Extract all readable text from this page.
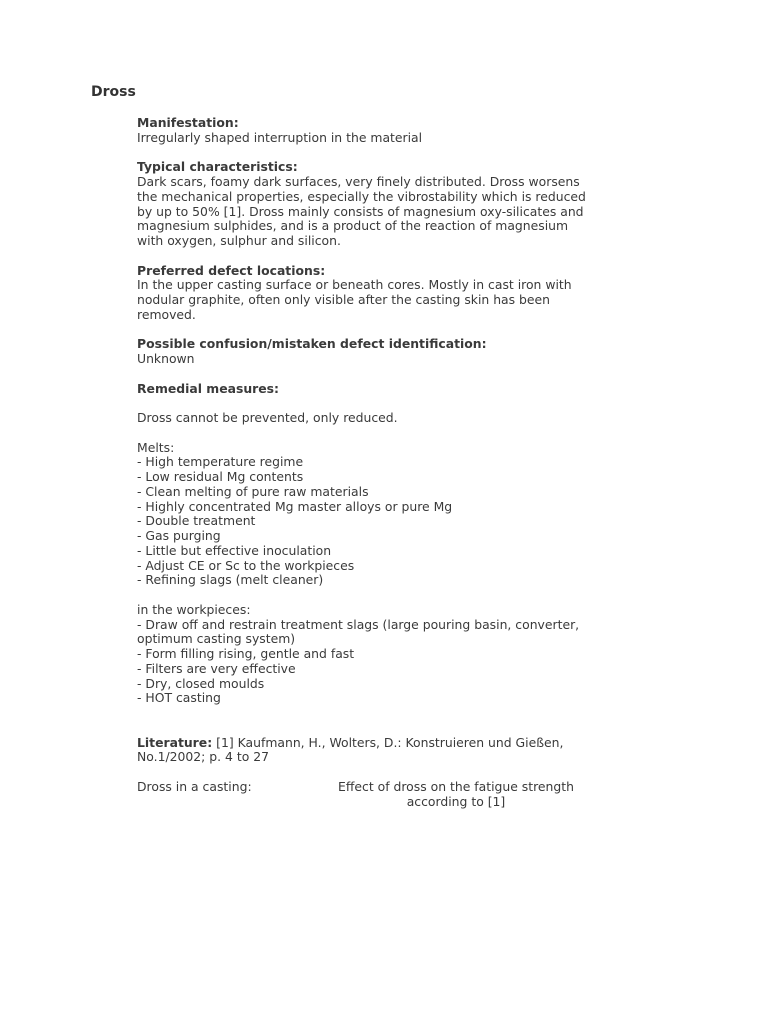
Dross

Manifestation:

Irregularly shaped interruption in the material

Typical characteristics:

Dark scars, foamy dark surfaces, very finely distributed. Dross worsens the mechanical properties, especially the vibrostability which is reduced by up to 50% [1]. Dross mainly consists of magnesium oxy-silicates and magnesium sulphides, and is a product of the reaction of magnesium with oxygen, sulphur and silicon.

Preferred defect locations:

In the upper casting surface or beneath cores. Mostly in cast iron with nodular graphite, often only visible after the casting skin has been removed.

Possible confusion/mistaken defect identification:

Unknown

Remedial measures:

Dross cannot be prevented, only reduced.

Melts:

- High temperature regime
- Low residual Mg contents
- Clean melting of pure raw materials
- Highly concentrated Mg master alloys or pure Mg
- Double treatment
- Gas purging
- Little but effective inoculation
- Adjust CE or Sc to the workpieces
- Refining slags (melt cleaner)

in the workpieces:

- Draw off and restrain treatment slags (large pouring basin, converter, optimum casting system)
- Form filling rising, gentle and fast
- Filters are very effective
- Dry, closed moulds
- HOT casting

Literature: [1] Kaufmann, H., Wolters, D.: Konstruieren und Gießen, No.1/2002; p. 4 to 27

Dross in a casting:	Effect of dross on the fatigue strength according to [1]
